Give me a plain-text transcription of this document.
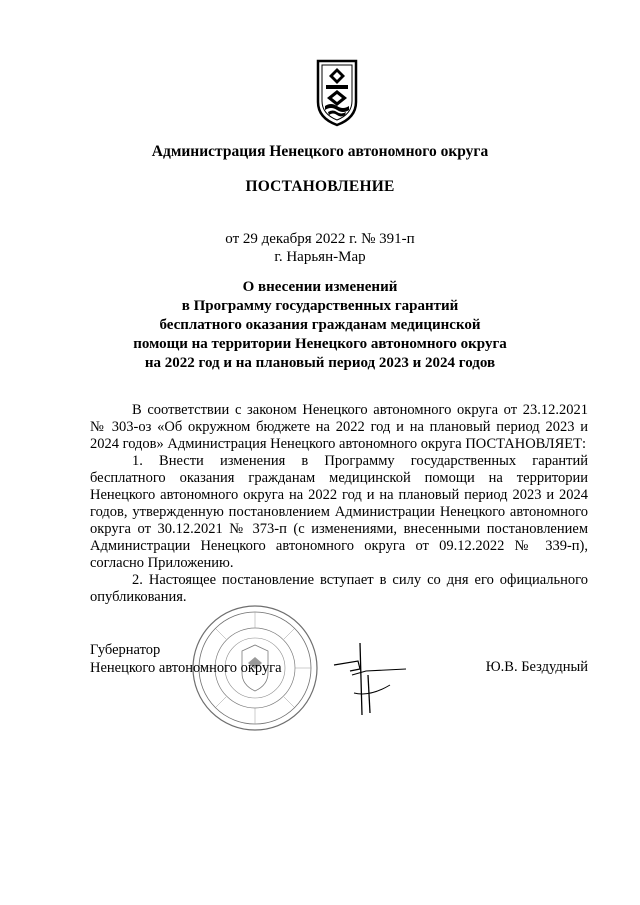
Администрация Ненецкого автономного округа
ПОСТАНОВЛЕНИЕ
от 29 декабря 2022 г. № 391-п
г. Нарьян-Мар
О внесении изменений
в Программу государственных гарантий
бесплатного оказания гражданам медицинской
помощи на территории Ненецкого автономного округа
на 2022 год и на плановый период 2023 и 2024 годов

В соответствии с законом Ненецкого автономного округа от 23.12.2021 № 303-оз «Об окружном бюджете на 2022 год и на плановый период 2023 и 2024 годов» Администрация Ненецкого автономного округа ПОСТАНОВЛЯЕТ:

1. Внести изменения в Программу государственных гарантий бесплатного оказания гражданам медицинской помощи на территории Ненецкого автономного округа на 2022 год и на плановый период 2023 и 2024 годов, утвержденную постановлением Администрации Ненецкого автономного округа от 30.12.2021 № 373-п (с изменениями, внесенными постановлением Администрации Ненецкого автономного округа от 09.12.2022 № 339-п), согласно Приложению.

2. Настоящее постановление вступает в силу со дня его официального опубликования.

Губернатор
Ненецкого автономного округа	Ю.В. Бездудный
